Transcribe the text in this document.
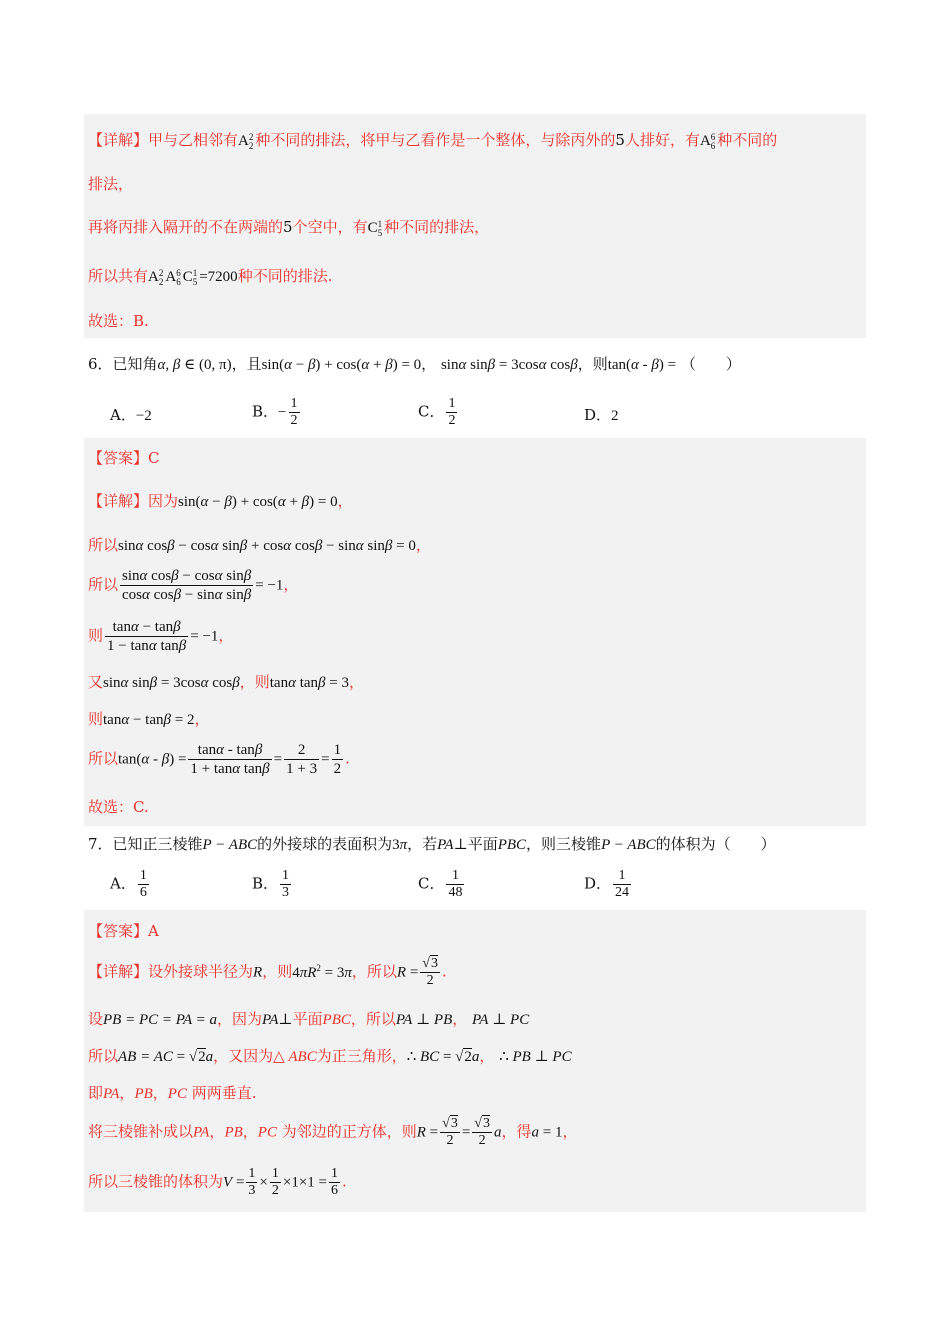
【详解】甲与乙相邻有A 2
2 种不同的排法，将甲与乙看作是一个整体，与除丙外的5人排好，有A 6
6 种不同的
排法，
再将丙排入隔开的不在两端的5个空中，有C 1
5 种不同的排法，
所以共有A 2
2 A 6
6 C 1
5 =7200种不同的排法.
故选：B.
6．已知角α, β ∈ (0, π)，且sin(α − β) + cos(α + β) = 0， sinα sinβ = 3cosα cosβ，则tan(α - β) = （　　）
A．−2	B．− $\frac{1}{2}$	C． $\frac{1}{2}$	D．2
【答案】C
【详解】因为sin(α − β) + cos(α + β) = 0，
所以sinα cosβ − cosα sinβ + cosα cosβ − sinα sinβ = 0，
所以 $\frac{\text{sinα cosβ − cosα sinβ}}{\text{cosα cosβ − sinα sinβ}} = -1$，
则 $\frac{\tan\alpha - \tan\beta}{\text{1 − tanα tanβ}} = -1$，
又sinα sinβ = 3cosα cosβ，则tanα tanβ = 3，
则tanα − tanβ = 2，
所以$\tan(\alpha - \beta) = \frac{\tan\alpha - \tan\beta}{\text{1 + tanα tanβ}} = \frac{2}{1 + 3} = \frac{1}{2}$ .
故选：C.
7．已知正三棱锥P − ABC的外接球的表面积为3π，若PA⊥平面PBC，则三棱锥P − ABC的体积为（　　）
A． $\frac{1}{6}$	B． $\frac{1}{3}$	C． $\frac{1}{48}$	D． $\frac{1}{24}$
【答案】A
【详解】设外接球半径为R，则$4\pi R^2 = 3\pi$，所以$R = \frac{√3}{2}$ .
设PB = PC = PA = a，因为PA⊥平面PBC，所以PA ⊥ PB， PA ⊥ PC
所以AB = AC = √2a，又因为△ ABC为正三角形，∴ BC = √2a， ∴ PB ⊥ PC
即PA，PB，PC 两两垂直.
将三棱锥补成以PA，PB，PC 为邻边的正方体，则$R = \frac{√3}{2} = \frac{√3}{2}$ a，得a = 1，
所以三棱锥的体积为$V = \frac{1}{3} \times \frac{1}{2} \times 1\times 1 = \frac{1}{6}$ .
